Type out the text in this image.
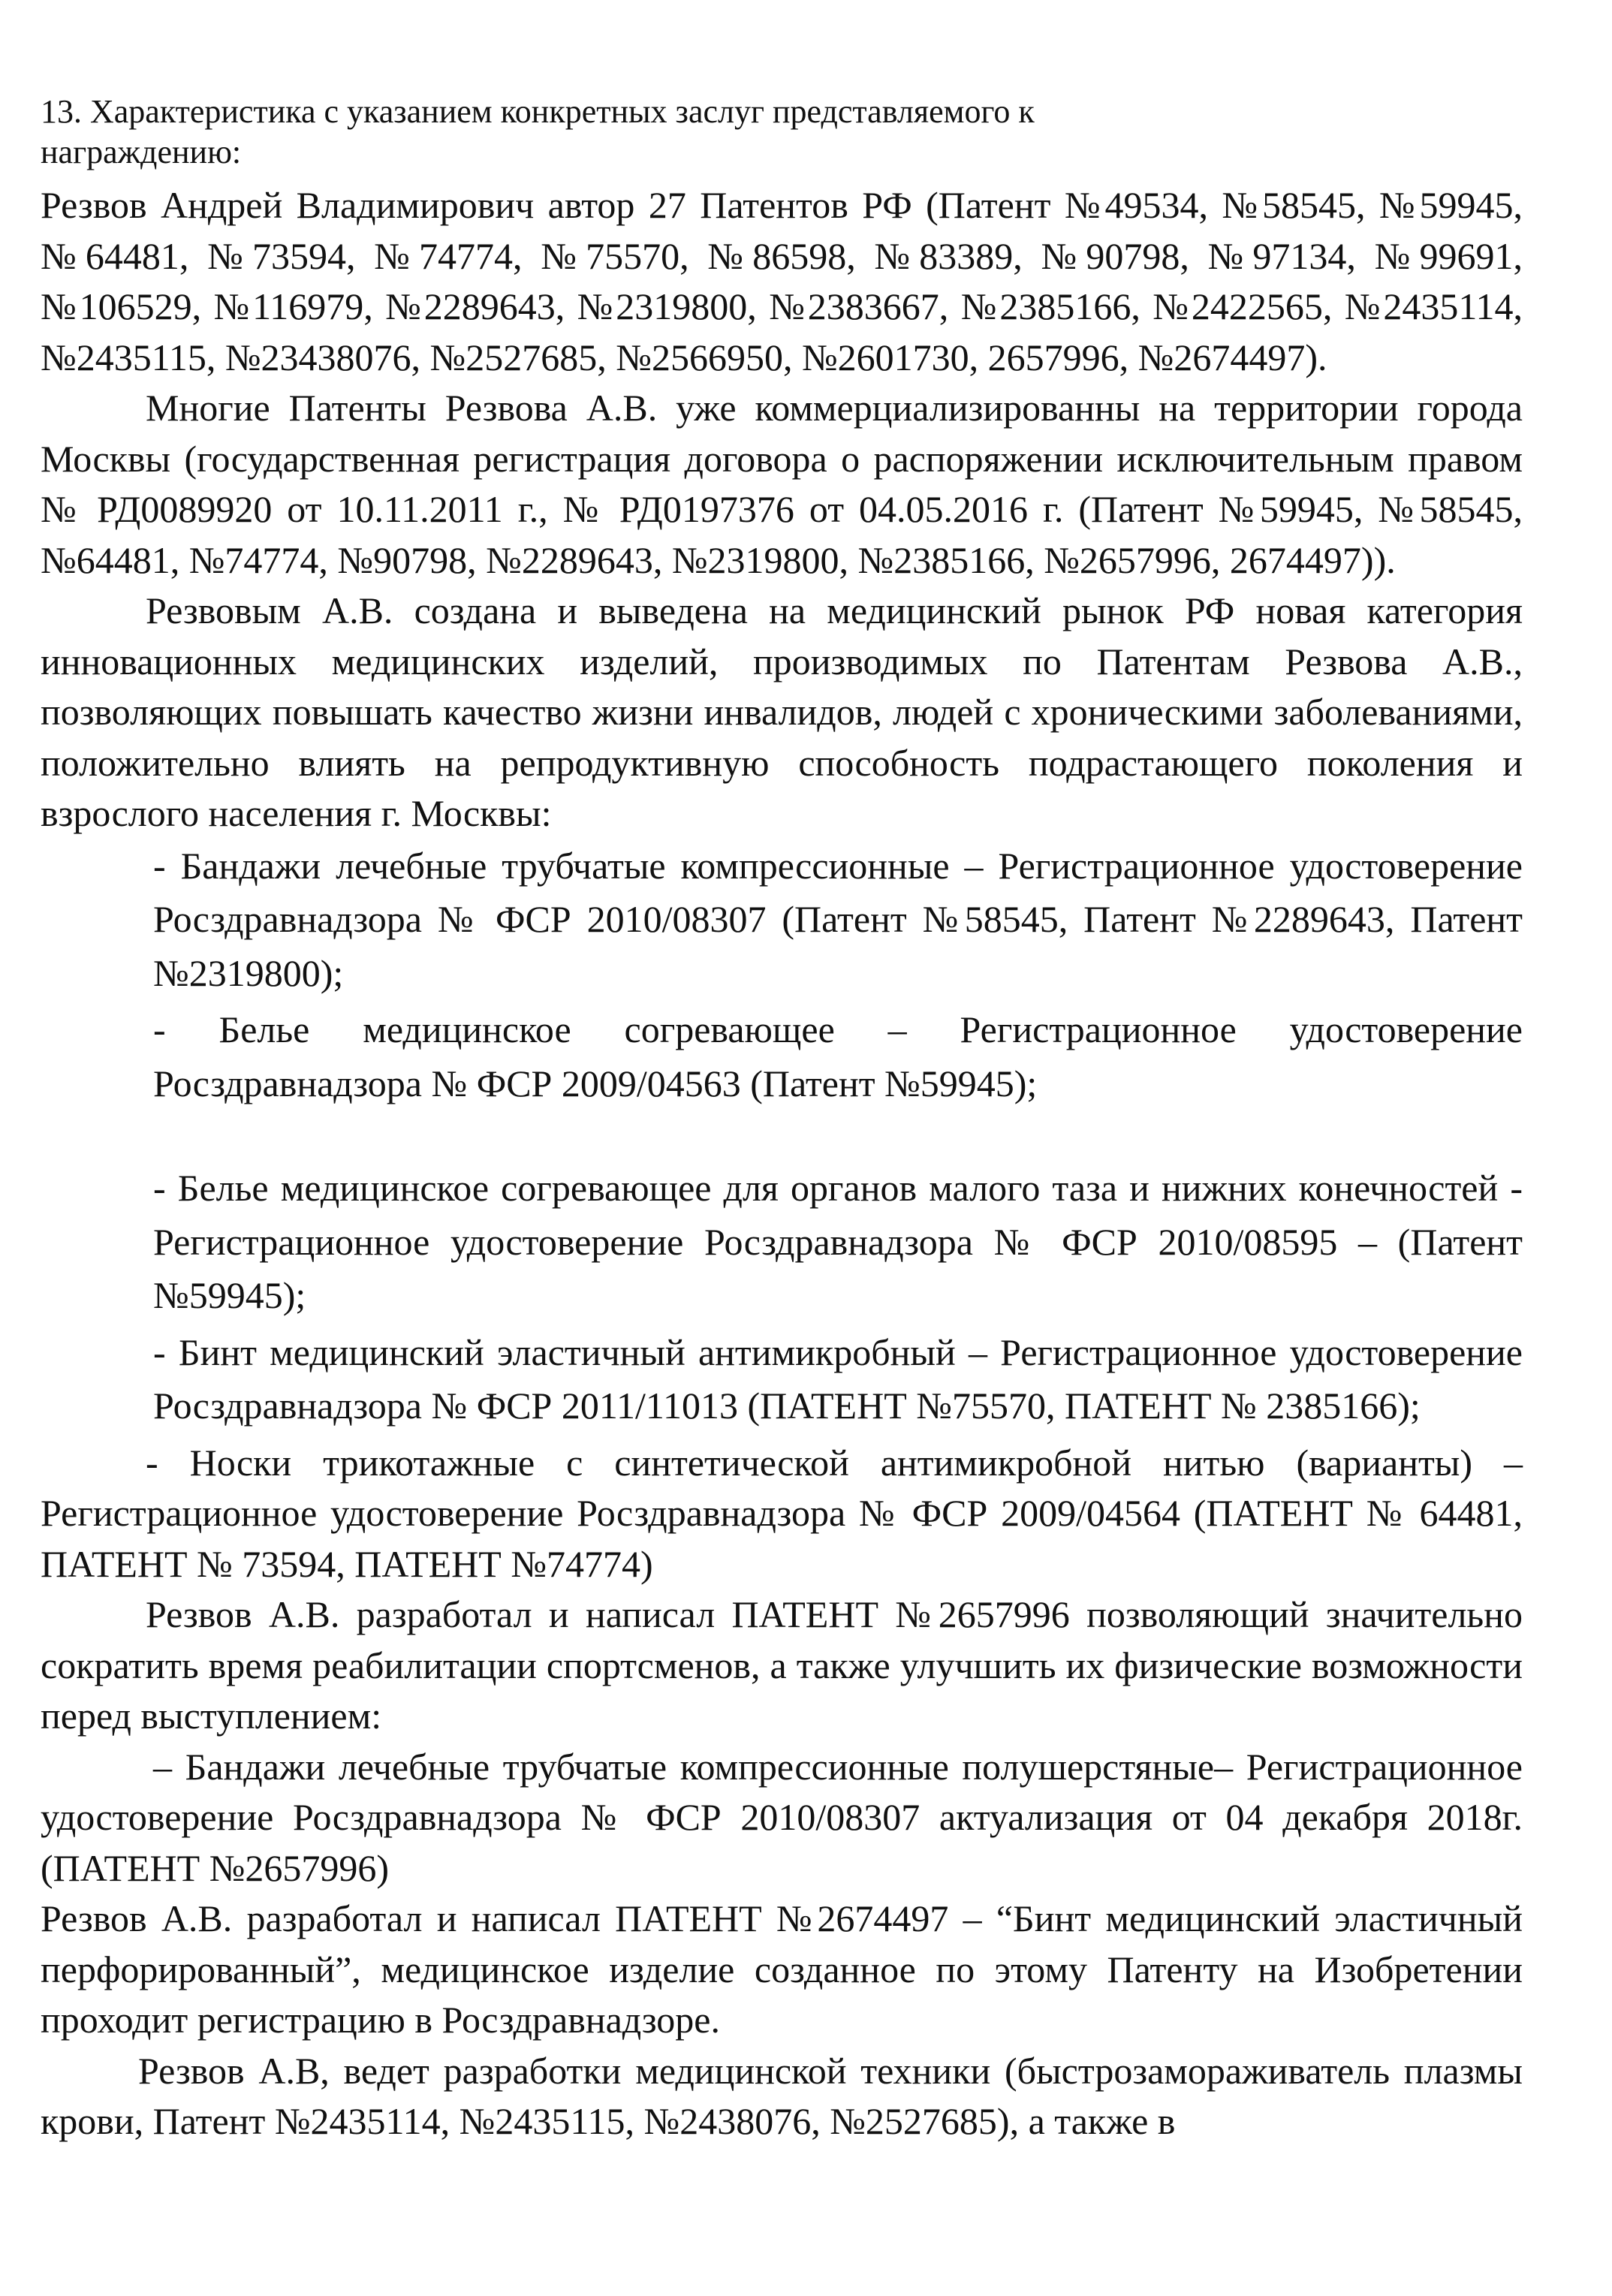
13. Характеристика с указанием конкретных заслуг представляемого к
награждению:

Резвов Андрей Владимирович автор 27 Патентов РФ (Патент №49534, №58545, №59945, №64481, №73594, №74774, №75570, №86598, №83389, №90798, №97134, №99691, №106529, №116979, №2289643, №2319800, №2383667, №2385166, №2422565, №2435114, №2435115, №23438076, №2527685, №2566950, №2601730, 2657996, №2674497).

Многие Патенты Резвова А.В. уже коммерциализированны на территории города Москвы (государственная регистрация договора о распоряжении исключительным правом № РД0089920 от 10.11.2011 г., № РД0197376 от 04.05.2016 г. (Патент №59945, №58545, №64481, №74774, №90798, №2289643, №2319800, №2385166, №2657996, 2674497)).

Резвовым А.В. создана и выведена на медицинский рынок РФ новая категория инновационных медицинских изделий, производимых по Патентам Резвова А.В., позволяющих повышать качество жизни инвалидов, людей с хроническими заболеваниями, положительно влиять на репродуктивную способность подрастающего поколения и взрослого населения г. Москвы:

- Бандажи лечебные трубчатые компрессионные – Регистрационное удостоверение Росздравнадзора № ФСР 2010/08307 (Патент №58545, Патент №2289643, Патент №2319800);

- Белье медицинское согревающее – Регистрационное удостоверение Росздравнадзора № ФСР 2009/04563 (Патент №59945);

- Белье медицинское согревающее для органов малого таза и нижних конечностей - Регистрационное удостоверение Росздравнадзора № ФСР 2010/08595 – (Патент №59945);

- Бинт медицинский эластичный антимикробный – Регистрационное удостоверение Росздравнадзора № ФСР 2011/11013 (ПАТЕНТ №75570, ПАТЕНТ № 2385166);

- Носки трикотажные с синтетической антимикробной нитью (варианты) – Регистрационное удостоверение Росздравнадзора № ФСР 2009/04564 (ПАТЕНТ № 64481, ПАТЕНТ № 73594, ПАТЕНТ №74774)

Резвов А.В. разработал и написал ПАТЕНТ №2657996 позволяющий значительно сократить время реабилитации спортсменов, а также улучшить их физические возможности перед выступлением:

– Бандажи лечебные трубчатые компрессионные полушерстяные– Регистрационное удостоверение Росздравнадзора № ФСР 2010/08307 актуализация от 04 декабря 2018г. (ПАТЕНТ №2657996)

Резвов А.В. разработал и написал ПАТЕНТ №2674497 – “Бинт медицинский эластичный перфорированный”, медицинское изделие созданное по этому Патенту на Изобретении проходит регистрацию в Росздравнадзоре.

Резвов А.В, ведет разработки медицинской техники (быстрозамораживатель плазмы крови, Патент №2435114, №2435115, №2438076, №2527685), а также в
